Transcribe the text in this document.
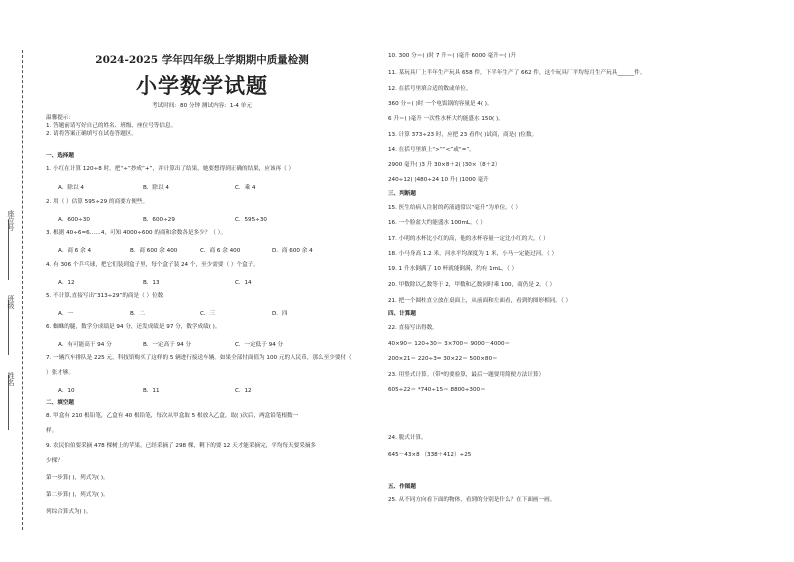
座位号
班级
姓名
2024-2025 学年四年级上学期期中质量检测
小学数学试题
考试时间：80 分钟 测试内容：1-4 单元
温馨提示：
1. 答题前请写好自己的姓名、班级、座位号等信息。
2. 请将答案正确填写在试卷答题区。
一、选择题
1. 小红在计算 120÷8 时，把“÷”抄成“+”，并计算出了结果，她要想得到正确的结果，应该再（ ）
A．除以 4	B．除以 4	C．乘 4
2. 用（ ）估算 595÷29 的商要方便些。
A．600÷30	B．600÷29	C．595÷30
3. 根据 40÷6=6……4，可知 4000÷600 的商和余数各是多少？（ ）。
A．商 6 余 4	B．商 600 余 400	C．商 6 余 400	D．商 600 余 4
4. 有 306 个乒乓球，把它们装到盒子里，每个盒子装 24 个，至少需要（ ）个盒子。
A．12	B．13	C．14
5. 不计算,直接写出“313÷29”的商是（ ）位数
A．一	B．二	C．三	D．四
6. 蜘蛛的腿，数学分成绩是 94 分，还发成绩是 97 分，数学成绩( )。
A．有可能高于 94 分	B．一定高于 94 分	C．一定低于 94 分
7. 一辆汽车排队是 225 元，科技馆购买了这样的 5 辆进行接送车辆。如果全部付面值为 100 元的人民币，那么至少要付（
）张才够。
A．10	B．11	C．12
二、填空题
8. 甲盒有 210 根铅笔，乙盒有 40 根铅笔，每次从甲盒取 5 根放入乙盒，取( )次后，两盒铅笔根数一
样。
9. 农民伯伯要采摘 478 棵树上的苹果，已经采摘了 298 棵，剩下的要 12 天才能采摘完，平均每天要采摘多
少棵？
第一步算( )，列式为( )。
第二步算( )，列式为( )。
列综合算式为( )。
10. 300 分＝( )时 7 升＝( )毫升 6000 毫升＝( )升
11. 某玩具厂上半年生产玩具 658 件，下半年生产了 662 件，这个玩具厂平均每月生产玩具______件。
12. 在括号里填合适的数或单位。
360 分＝( )时 一个电饭锅的容量是 4( )。
6 升＝( )毫升 一次性水杯大约能盛水 150( )。
13. 计算 373÷23 时，应把 23 看作( )试商，商是( )位数。
14. 在括号里填上“>”“<”或“=”。
2900 毫升( )3 升 30×8＋2( )30×（8＋2）
240÷12( )480÷24 10 升( )1000 毫升
三、判断题
15. 医生给病人注射的药液通常以“毫升”为单位。（ ）
16. 一个脸盆大约能盛水 100mL。（ ）
17. 小明的水杯比小红的高，他的水杯容量一定比小红的大。（ ）
18. 小马身高 1.2 米，河水平均深度为 1 米，小马一定能过河。（ ）
19. 1 升水倒满了 10 杯就能倒满，约有 1mL。（ ）
20. 甲数除以乙数等于 2，甲数和乙数同时乘 100，商仍是 2。（ ）
21. 把一个圆柱直立放在桌面上，从前面和左面看，看到的图形相同。（ ）
四、计算题
22. 直接写出得数。
40×90＝ 120÷30＝ 3×700＝ 9000－4000＝
200×21＝ 220÷3≈ 30×22＝ 500×80＝
23. 用竖式计算。（带*的要验算，最后一题要用简便方法计算）
605÷22＝ *740÷15＝ 8800÷300＝
24. 脱式计算。
645－43×8 （338＋412）÷25
五、作图题
25. 从不同方向看下面的物体，看到的分别是什么？在下面画一画。
